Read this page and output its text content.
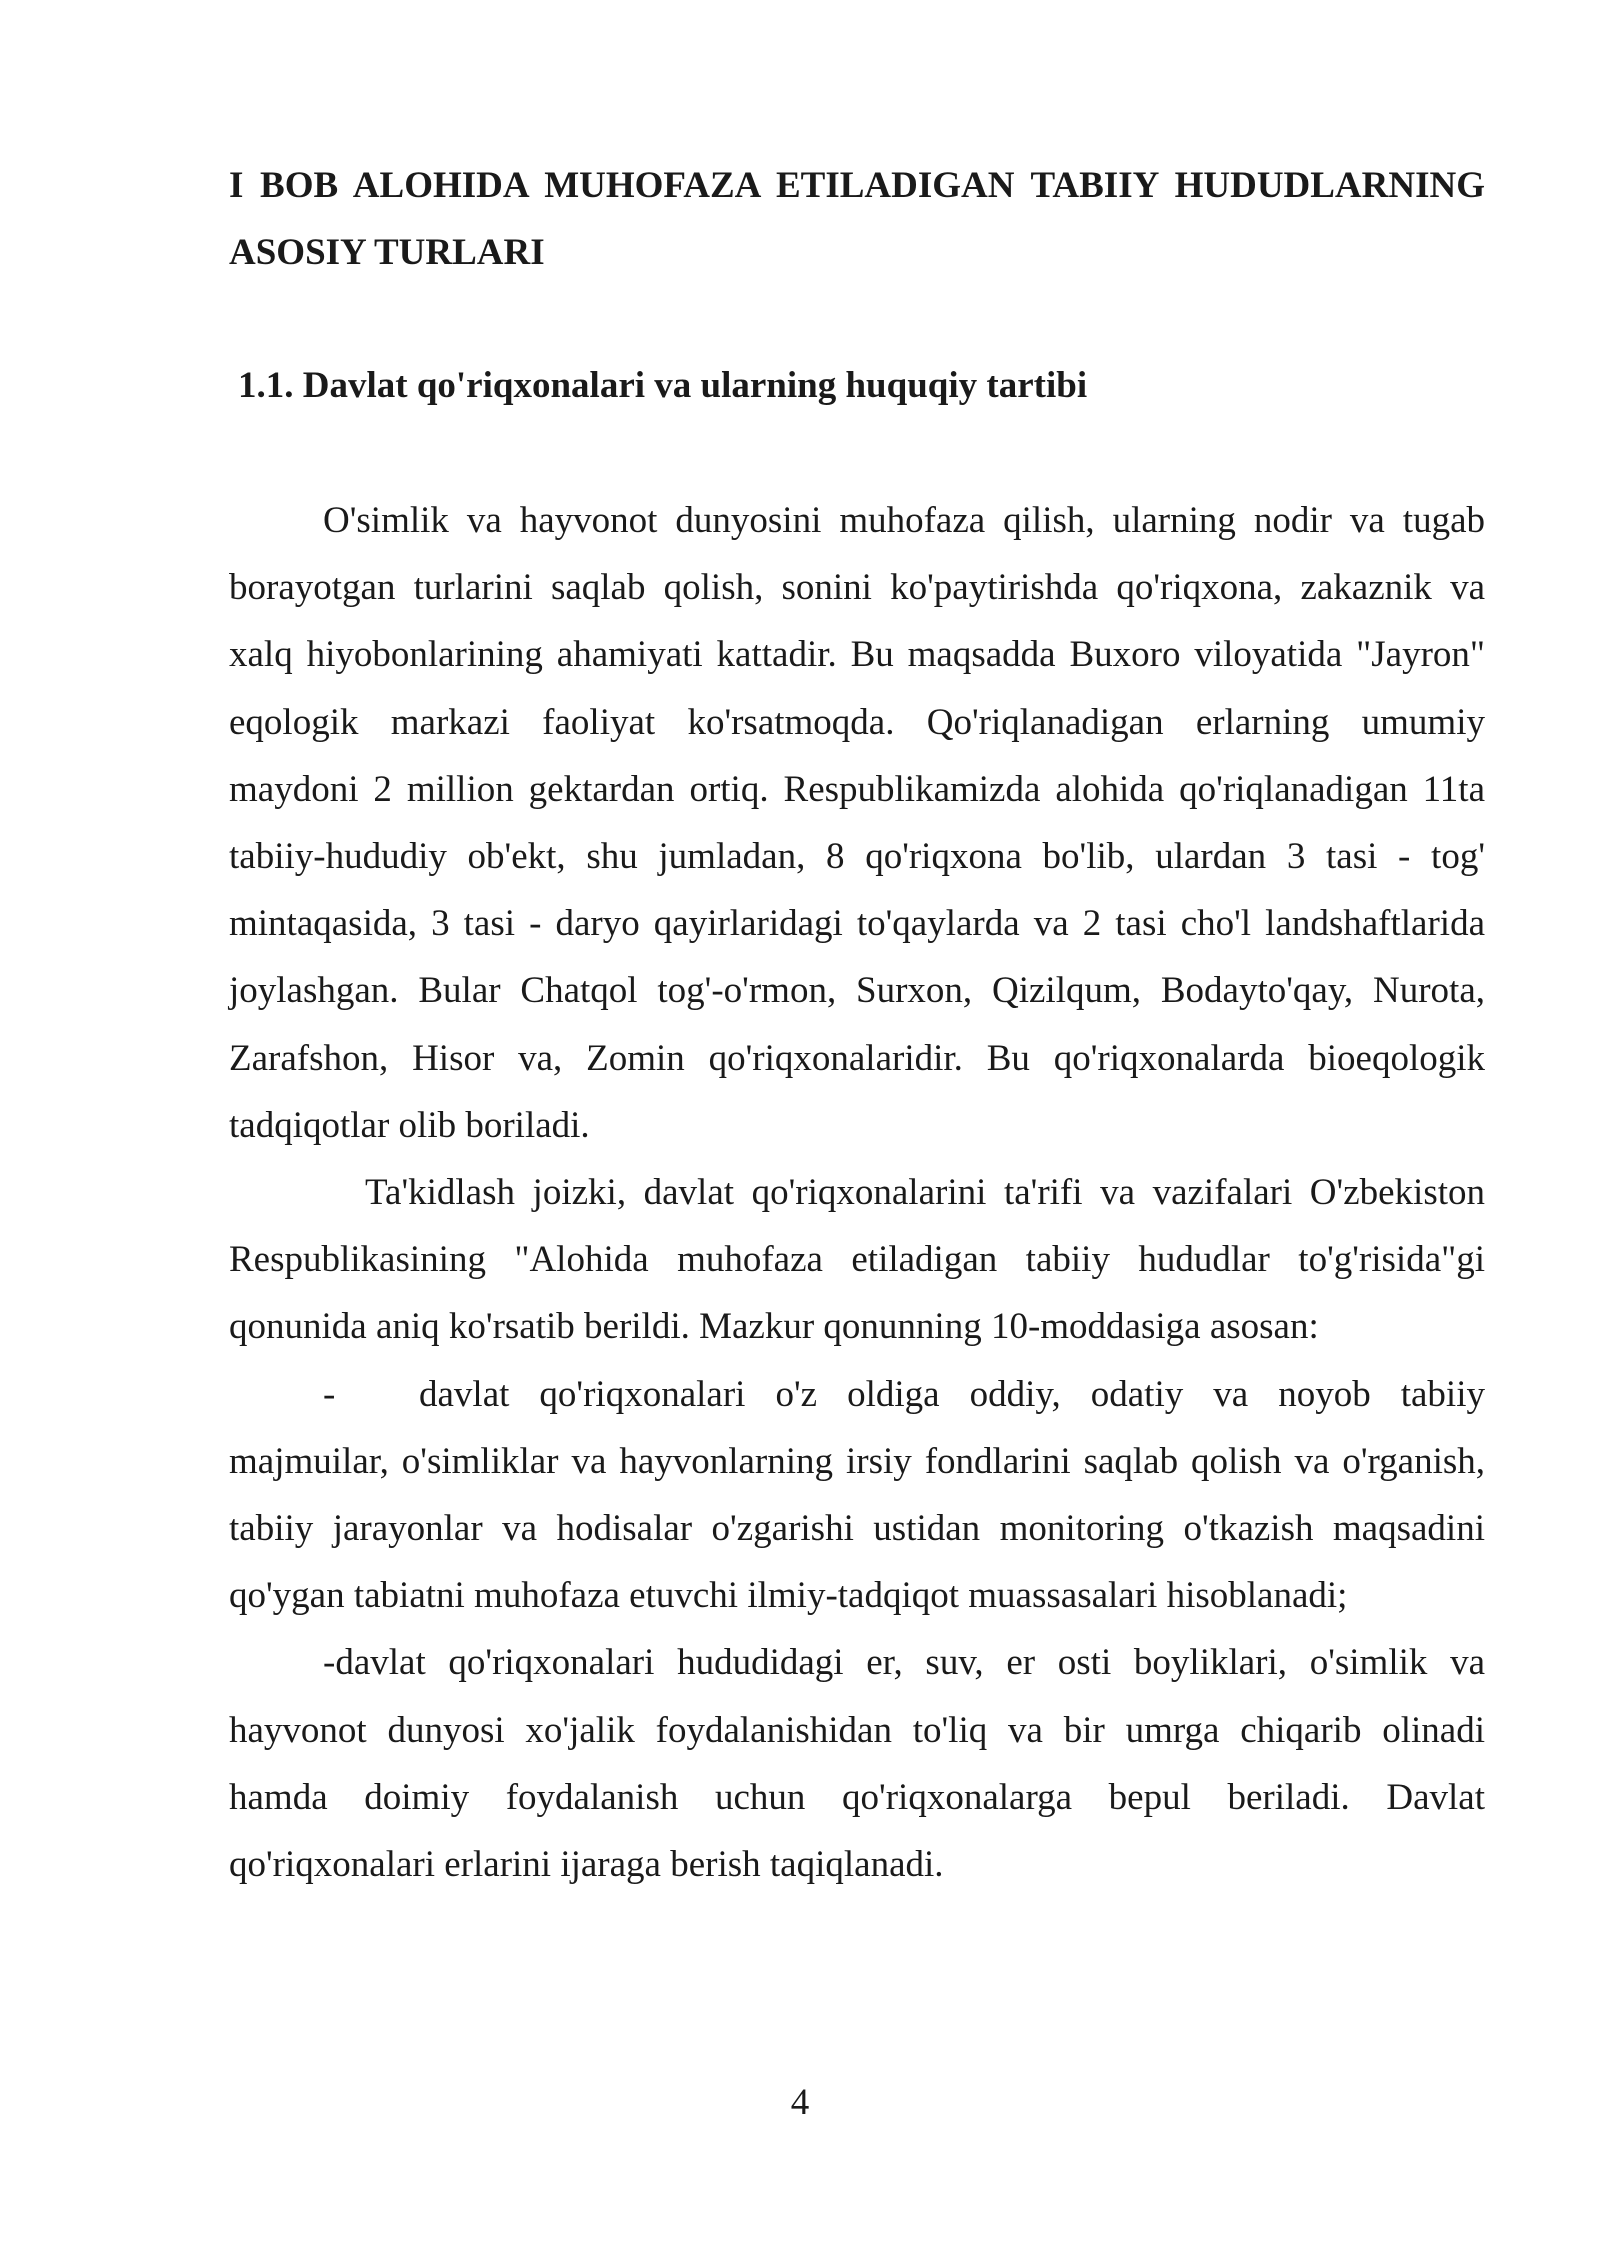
I BOB ALOHIDA MUHOFAZA ETILADIGAN TABIIY HUDUDLARNING ASOSIY TURLARI
1.1. Davlat qo'riqxonalari va ularning huquqiy tartibi

O'simlik va hayvonot dunyosini muhofaza qilish, ularning nodir va tugab borayotgan turlarini saqlab qolish, sonini ko'paytirishda qo'riqxona, zakaznik va xalq hiyobonlarining ahamiyati kattadir. Bu maqsadda Buxoro viloyatida "Jayron" eqologik markazi faoliyat ko'rsatmoqda. Qo'riqlanadigan erlarning umumiy maydoni 2 million gektardan ortiq. Respublikamizda alohida qo'riqlanadigan 11ta tabiiy-hududiy ob'ekt, shu jumladan, 8 qo'riqxona bo'lib, ulardan 3 tasi - tog' mintaqasida, 3 tasi - daryo qayirlaridagi to'qaylarda va 2 tasi cho'l landshaftlarida joylashgan. Bular Chatqol tog'-o'rmon, Surxon, Qizilqum, Bodayto'qay, Nurota, Zarafshon, Hisor va, Zomin qo'riqxonalaridir. Bu qo'riqxonalarda bioeqologik tadqiqotlar olib boriladi.

Ta'kidlash joizki, davlat qo'riqxonalarini ta'rifi va vazifalari O'zbekiston Respublikasining "Alohida muhofaza etiladigan tabiiy hududlar to'g'risida"gi qonunida aniq ko'rsatib berildi. Mazkur qonunning 10-moddasiga asosan:

- davlat qo'riqxonalari o'z oldiga oddiy, odatiy va noyob tabiiy majmuilar, o'simliklar va hayvonlarning irsiy fondlarini saqlab qolish va o'rganish, tabiiy jarayonlar va hodisalar o'zgarishi ustidan monitoring o'tkazish maqsadini qo'ygan tabiatni muhofaza etuvchi ilmiy-tadqiqot muassasalari hisoblanadi;

-davlat qo'riqxonalari hududidagi er, suv, er osti boyliklari, o'simlik va hayvonot dunyosi xo'jalik foydalanishidan to'liq va bir umrga chiqarib olinadi hamda doimiy foydalanish uchun qo'riqxonalarga bepul beriladi. Davlat qo'riqxonalari erlarini ijaraga berish taqiqlanadi.

4
